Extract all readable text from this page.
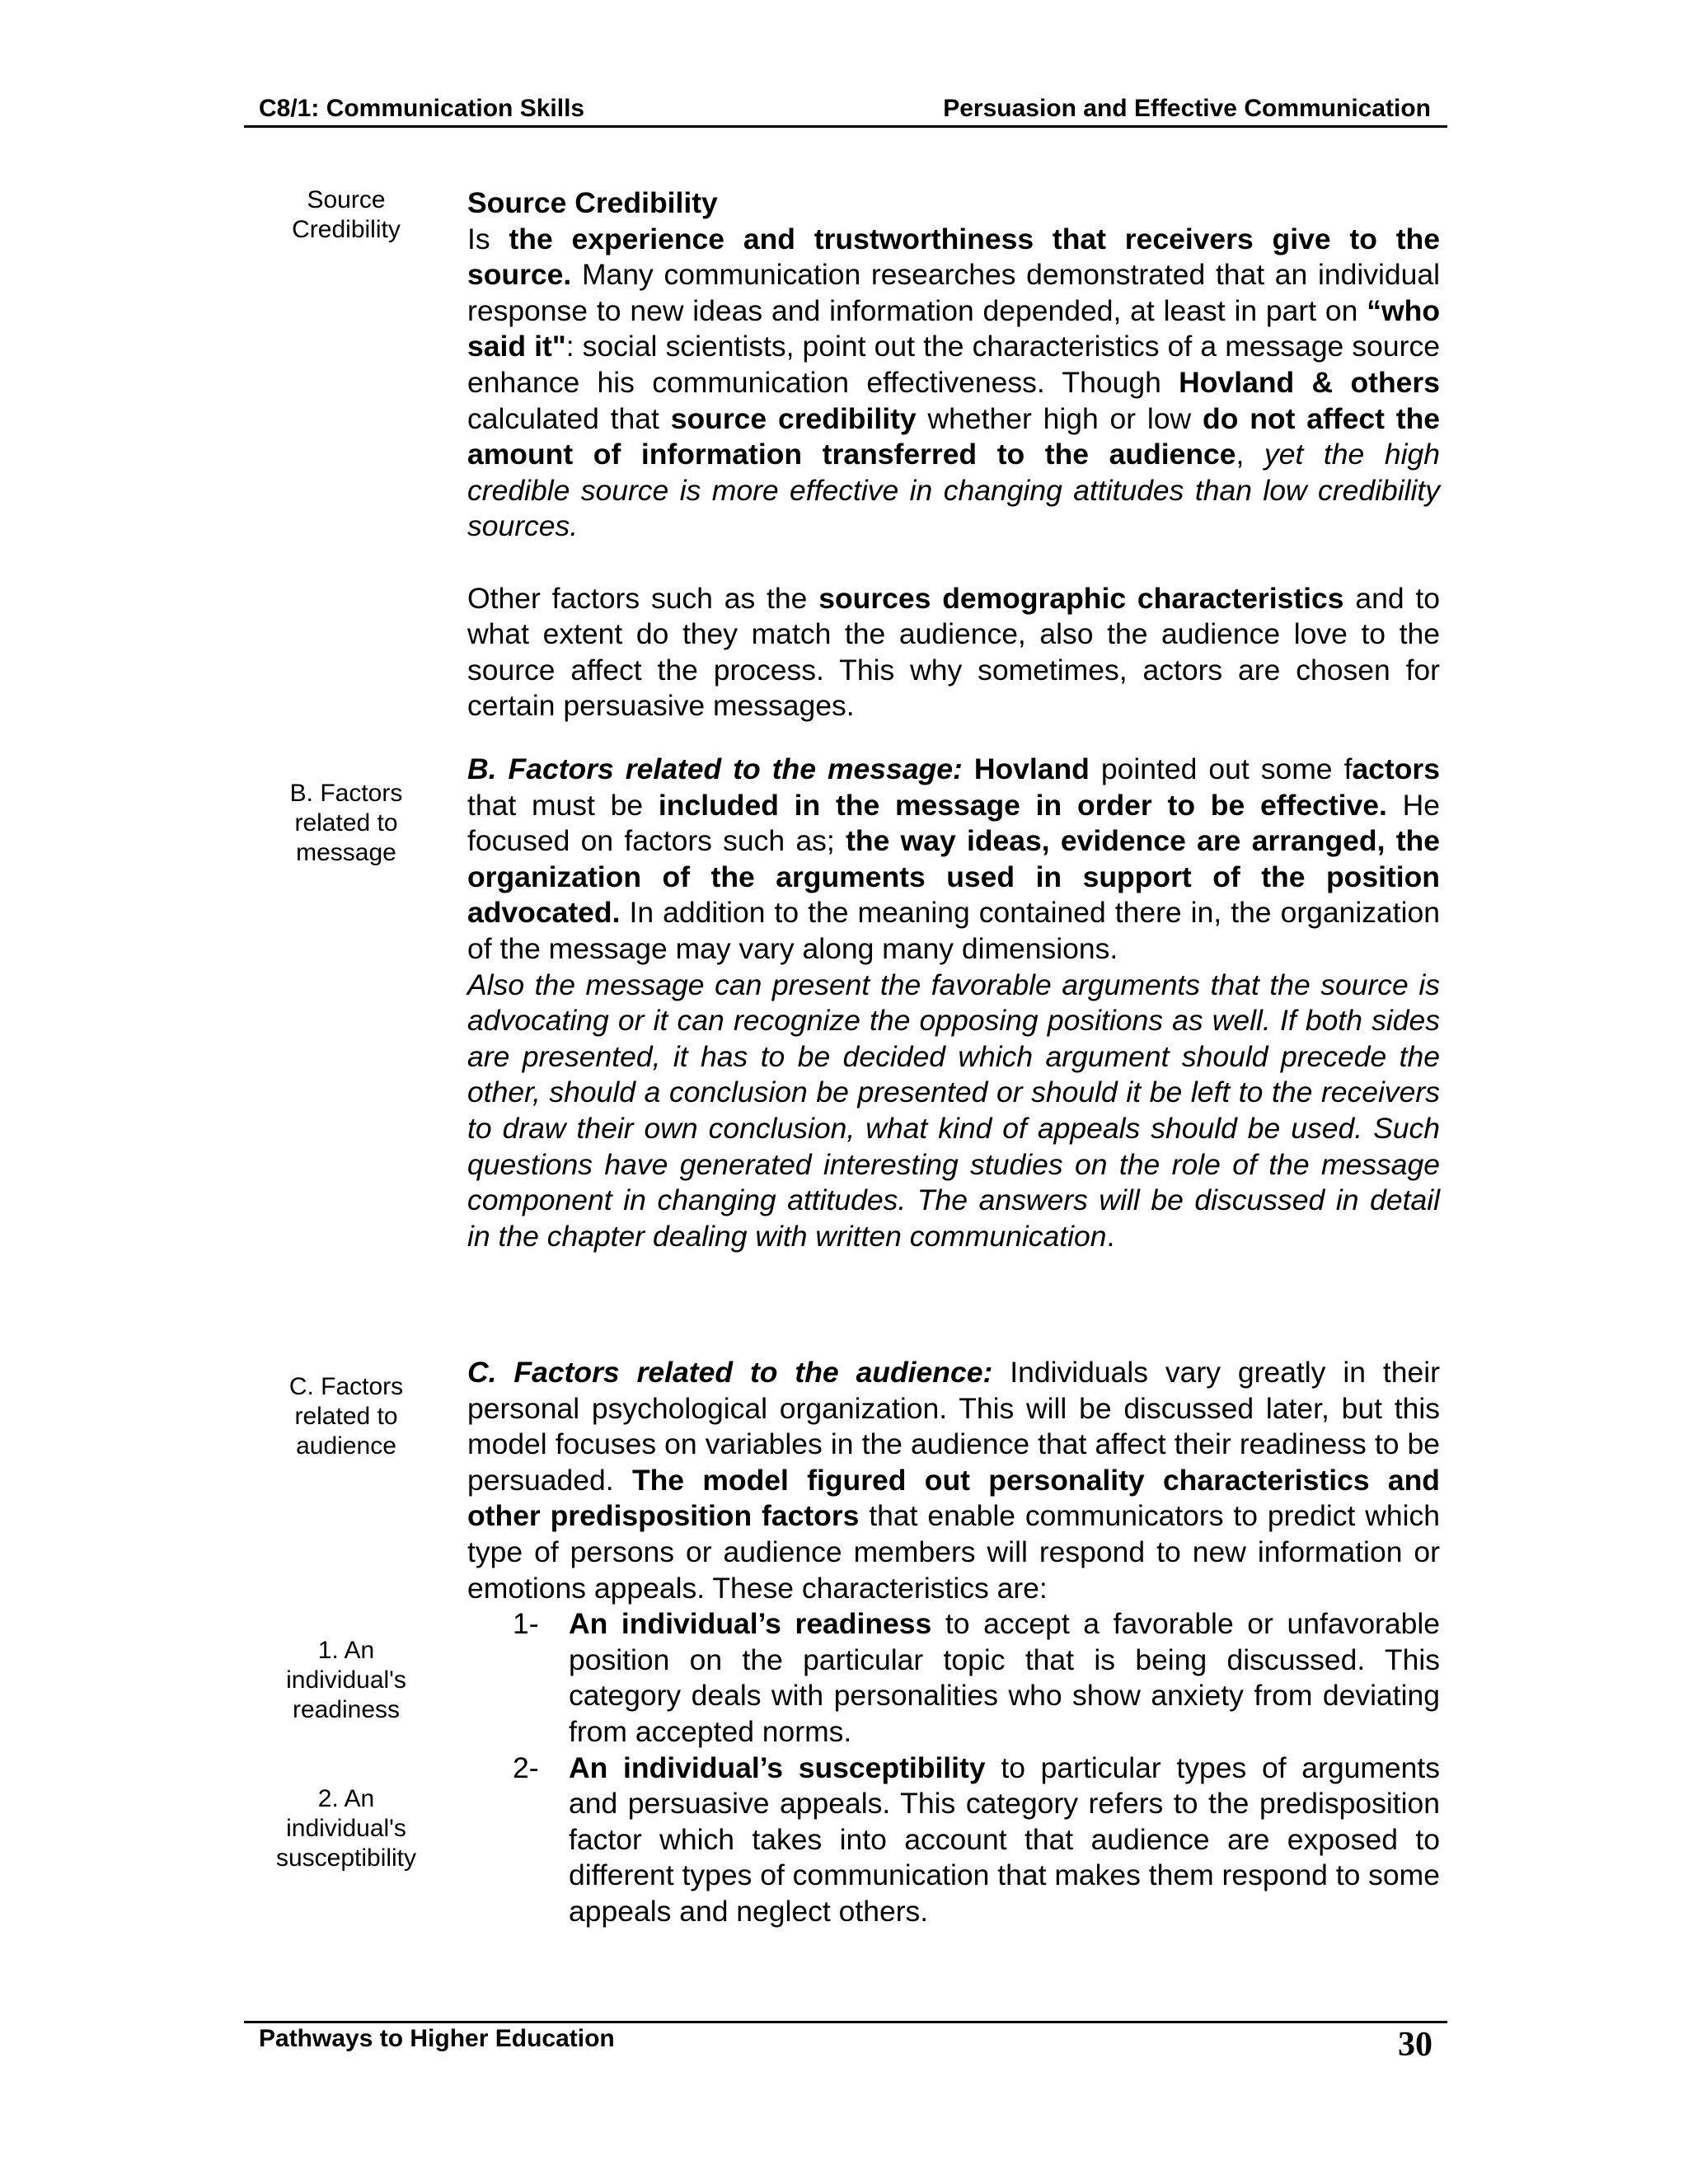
C8/1: Communication Skills	Persuasion and Effective Communication
Source
Credibility
B. Factors
related to
message
C. Factors
related to
audience
1. An
individual's
readiness
2. An
individual's
susceptibility

Source Credibility

Is the experience and trustworthiness that receivers give to the source. Many communication researches demonstrated that an individual response to new ideas and information depended, at least in part on “who said it": social scientists, point out the characteristics of a message source enhance his communication effectiveness. Though Hovland & others calculated that source credibility whether high or low do not affect the amount of information transferred to the audience, yet the high credible source is more effective in changing attitudes than low credibility sources.

Other factors such as the sources demographic characteristics and to what extent do they match the audience, also the audience love to the source affect the process. This why sometimes, actors are chosen for certain persuasive messages.

B. Factors related to the message: Hovland pointed out some factors that must be included in the message in order to be effective. He focused on factors such as; the way ideas, evidence are arranged, the organization of the arguments used in support of the position advocated. In addition to the meaning contained there in, the organization of the message may vary along many dimensions.

Also the message can present the favorable arguments that the source is advocating or it can recognize the opposing positions as well. If both sides are presented, it has to be decided which argument should precede the other, should a conclusion be presented or should it be left to the receivers to draw their own conclusion, what kind of appeals should be used. Such questions have generated interesting studies on the role of the message component in changing attitudes. The answers will be discussed in detail in the chapter dealing with written communication.

C. Factors related to the audience: Individuals vary greatly in their personal psychological organization. This will be discussed later, but this model focuses on variables in the audience that affect their readiness to be persuaded. The model figured out personality characteristics and other predisposition factors that enable communicators to predict which type of persons or audience members will respond to new information or emotions appeals. These characteristics are:

1- An individual’s readiness to accept a favorable or unfavorable position on the particular topic that is being discussed. This category deals with personalities who show anxiety from deviating from accepted norms.
2- An individual’s susceptibility to particular types of arguments and persuasive appeals. This category refers to the predisposition factor which takes into account that audience are exposed to different types of communication that makes them respond to some appeals and neglect others.
Pathways to Higher Education	30
